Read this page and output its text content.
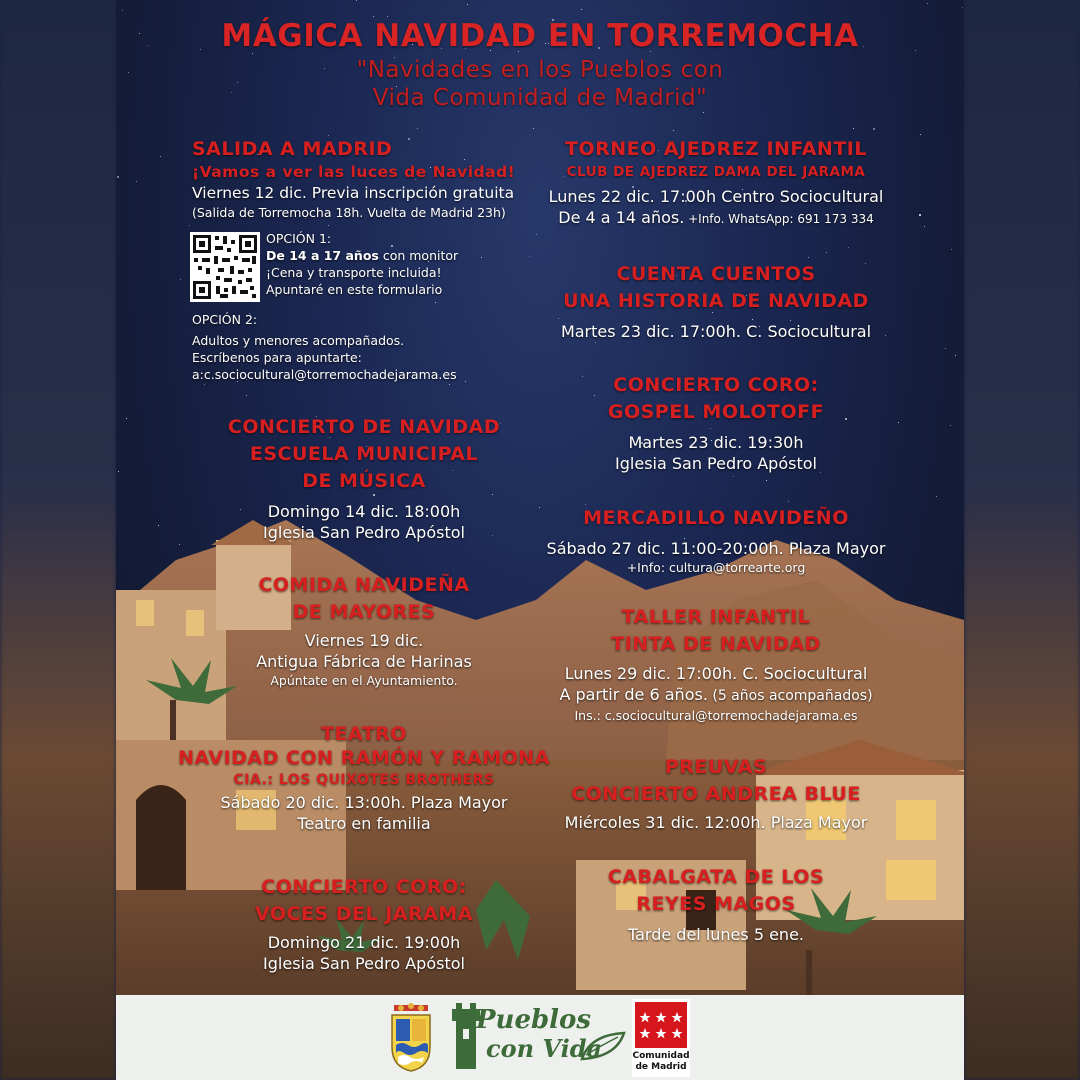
MÁGICA NAVIDAD EN TORREMOCHA
"Navidades en los Pueblos con
Vida Comunidad de Madrid"
SALIDA A MADRID
¡Vamos a ver las luces de Navidad!
Viernes 12 dic. Previa inscripción gratuita
(Salida de Torremocha 18h. Vuelta de Madrid 23h)
OPCIÓN 1:
De 14 a 17 años con monitor
¡Cena y transporte incluida!
Apuntaré en este formulario
OPCIÓN 2:
Adultos y menores acompañados.
Escríbenos para apuntarte:
a:c.sociocultural@torremochadejarama.es
CONCIERTO DE NAVIDAD
ESCUELA MUNICIPAL
DE MÚSICA
Domingo 14 dic. 18:00h
Iglesia San Pedro Apóstol
COMIDA NAVIDEÑA
DE MAYORES
Viernes 19 dic.
Antigua Fábrica de Harinas
Apúntate en el Ayuntamiento.
TEATRO
NAVIDAD CON RAMÓN Y RAMONA
CIA.: LOS QUIXOTES BROTHERS
Sábado 20 dic. 13:00h. Plaza Mayor
Teatro en familia
CONCIERTO CORO:
VOCES DEL JARAMA
Domingo 21 dic. 19:00h
Iglesia San Pedro Apóstol
TORNEO AJEDREZ INFANTIL
CLUB DE AJEDREZ DAMA DEL JARAMA
Lunes 22 dic. 17:00h Centro Sociocultural
De 4 a 14 años. +Info. WhatsApp: 691 173 334
CUENTA CUENTOS
UNA HISTORIA DE NAVIDAD
Martes 23 dic. 17:00h. C. Sociocultural
CONCIERTO CORO:
GOSPEL MOLOTOFF
Martes 23 dic. 19:30h
Iglesia San Pedro Apóstol
MERCADILLO NAVIDEÑO
Sábado 27 dic. 11:00-20:00h. Plaza Mayor
+Info: cultura@torrearte.org
TALLER INFANTIL
TINTA DE NAVIDAD
Lunes 29 dic. 17:00h. C. Sociocultural
A partir de 6 años. (5 años acompañados)
Ins.: c.sociocultural@torremochadejarama.es
PREUVAS
CONCIERTO ANDREA BLUE
Miércoles 31 dic. 12:00h. Plaza Mayor
CABALGATA DE LOS
REYES MAGOS
Tarde del lunes 5 ene.
Pueblos
con Vida	Comunidad
de Madrid
